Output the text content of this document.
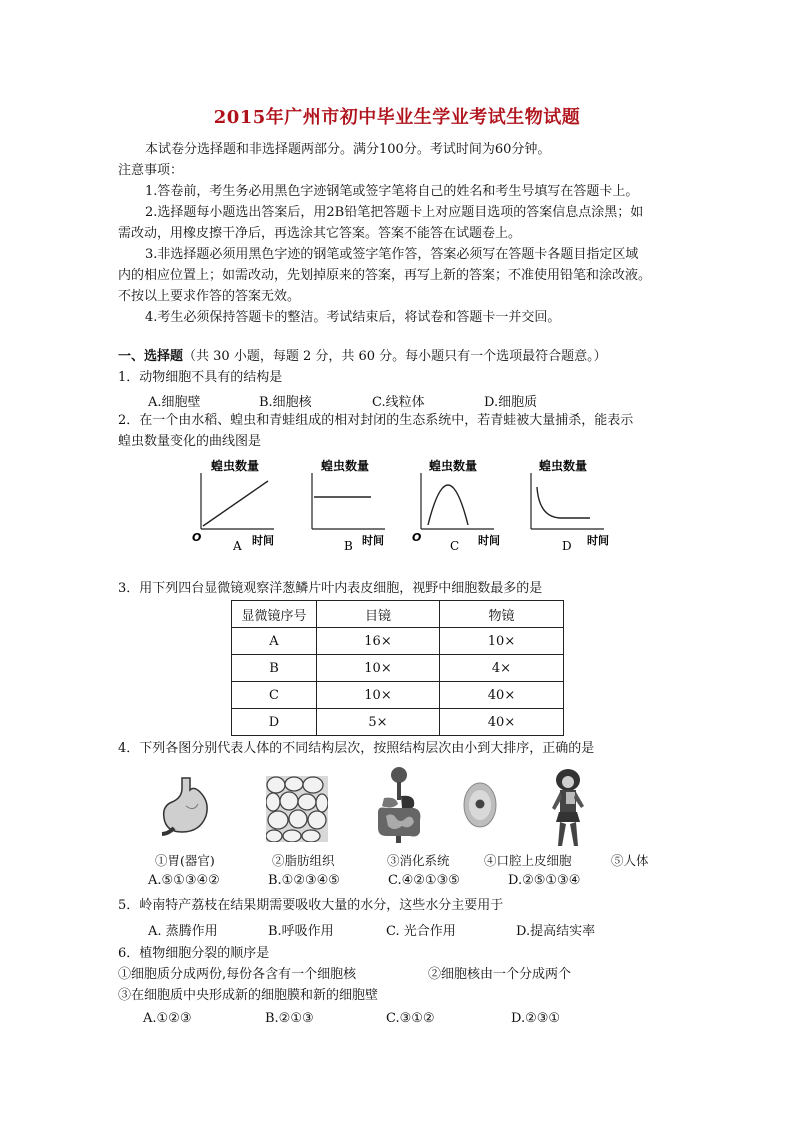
2015年广州市初中毕业生学业考试生物试题
本试卷分选择题和非选择题两部分。满分100分。考试时间为60分钟。
注意事项：
1.答卷前，考生务必用黑色字迹钢笔或签字笔将自己的姓名和考生号填写在答题卡上。
2.选择题每小题选出答案后，用2B铅笔把答题卡上对应题目选项的答案信息点涂黑；如
需改动，用橡皮擦干净后，再选涂其它答案。答案不能答在试题卷上。
3.非选择题必须用黑色字迹的钢笔或签字笔作答，答案必须写在答题卡各题目指定区域
内的相应位置上；如需改动，先划掉原来的答案，再写上新的答案；不准使用铅笔和涂改液。
不按以上要求作答的答案无效。
4.考生必须保持答题卡的整洁。考试结束后，将试卷和答题卡一并交回。
一、选择题（共 30 小题，每题 2 分，共 60 分。每小题只有一个选项最符合题意。）
1．动物细胞不具有的结构是
A.细胞壁	B.细胞核	C.线粒体	D.细胞质
2．在一个由水稻、蝗虫和青蛙组成的相对封闭的生态系统中，若青蛙被大量捕杀，能表示
蝗虫数量变化的曲线图是
蝗虫数量
O
A 时间
蝗虫数量
B 时间
蝗虫数量
O
C 时间
蝗虫数量
D 时间
3．用下列四台显微镜观察洋葱鳞片叶内表皮细胞，视野中细胞数最多的是
显微镜序号	目镜	物镜
A	16×	10×
B	10×	4×
C	10×	40×
D	5×	40×
4．下列各图分别代表人体的不同结构层次，按照结构层次由小到大排序，正确的是
①胃(器官)	②脂肪组织	③消化系统	④口腔上皮细胞	⑤人体
A.⑤①③④②	B.①②③④⑤	C.④②①③⑤	D.②⑤①③④
5．岭南特产荔枝在结果期需要吸收大量的水分，这些水分主要用于
A. 蒸腾作用	B.呼吸作用	C. 光合作用	D.提高结实率
6．植物细胞分裂的顺序是
①细胞质分成两份,每份各含有一个细胞核	②细胞核由一个分成两个
③在细胞质中央形成新的细胞膜和新的细胞壁
A.①②③	B.②①③	C.③①②	D.②③①
